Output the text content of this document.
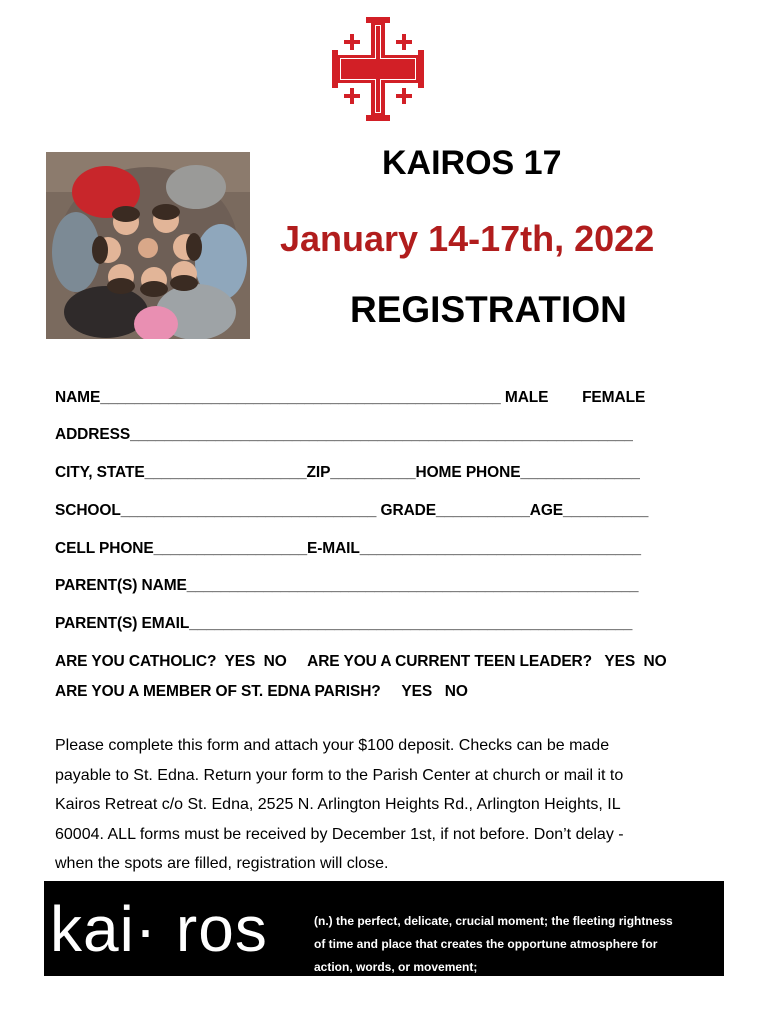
KAIROS 17
January 14-17th, 2022
REGISTRATION
NAME_______________________________________________ MALE        FEMALE
ADDRESS___________________________________________________________
CITY, STATE___________________ZIP__________HOME PHONE______________
SCHOOL______________________________ GRADE___________AGE__________
CELL PHONE__________________E-MAIL_________________________________
PARENT(S) NAME_____________________________________________________
PARENT(S) EMAIL____________________________________________________
ARE YOU CATHOLIC?  YES  NO     ARE YOU A CURRENT TEEN LEADER?   YES  NO
ARE YOU A MEMBER OF ST. EDNA PARISH?     YES   NO
Please complete this form and attach your $100 deposit. Checks can be made
payable to St. Edna. Return your form to the Parish Center at church or mail it to
Kairos Retreat c/o St. Edna, 2525 N. Arlington Heights Rd., Arlington Heights, IL
60004. ALL forms must be received by December 1st, if not before. Don’t delay -
when the spots are filled, registration will close.
kai· ros	(n.) the perfect, delicate, crucial moment; the fleeting rightness
of time and place that creates the opportune atmosphere for
action, words, or movement;
